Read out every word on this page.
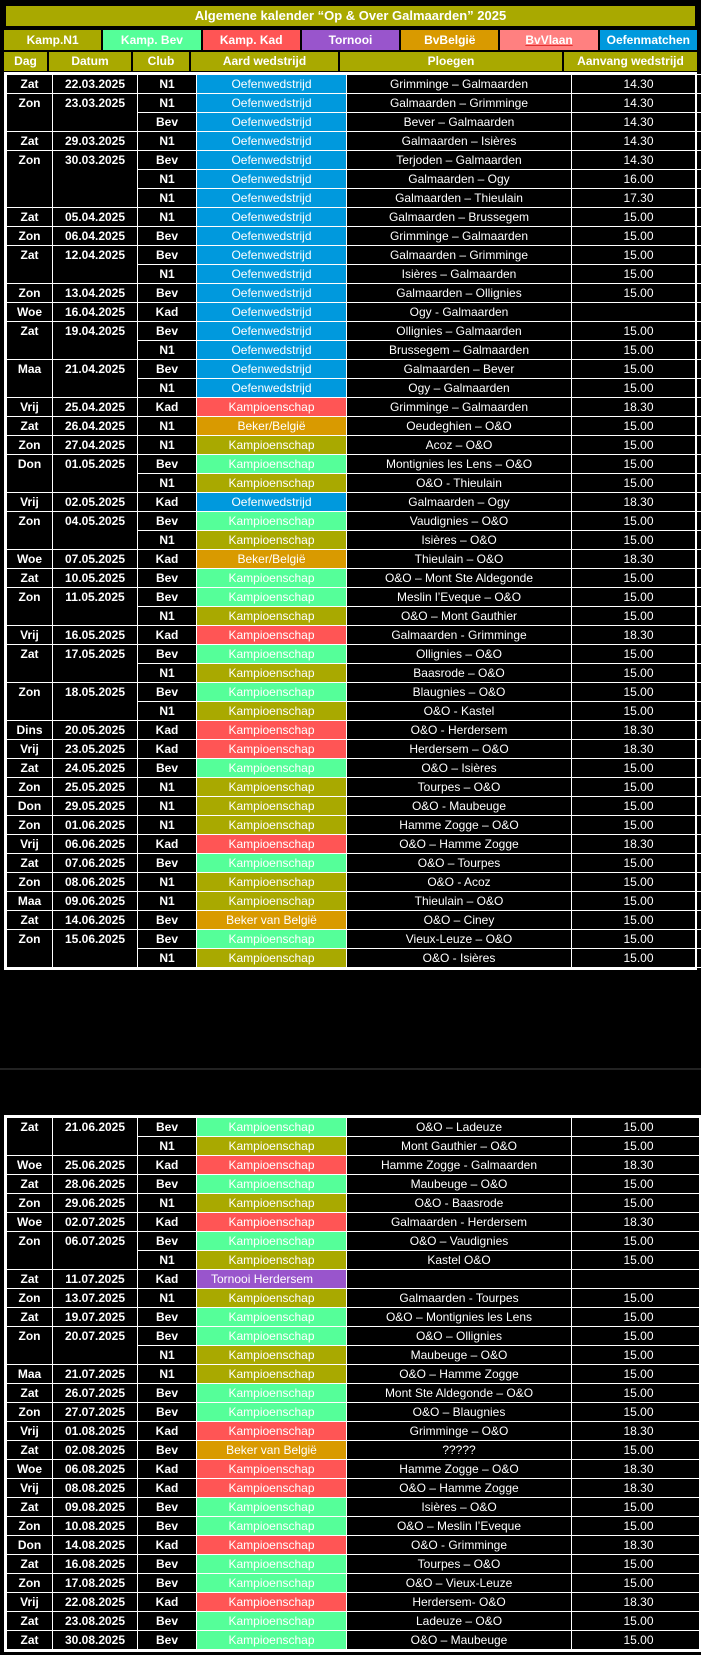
Algemene kalender “Op & Over Galmaarden” 2025
Kamp.N1	Kamp. Bev	Kamp. Kad	Tornooi	BvBelgië	BvVlaan	Oefenmatchen
Dag	Datum	Club	Aard wedstrijd	Ploegen	Aanvang wedstrijd
Zat	22.03.2025	N1	Oefenwedstrijd	Grimminge – Galmaarden	14.30
Zon	23.03.2025	N1	Oefenwedstrijd	Galmaarden – Grimminge	14.30
		Bev	Oefenwedstrijd	Bever – Galmaarden	14.30
Zat	29.03.2025	N1	Oefenwedstrijd	Galmaarden – Isières	14.30
Zon	30.03.2025	Bev	Oefenwedstrijd	Terjoden – Galmaarden	14.30
		N1	Oefenwedstrijd	Galmaarden – Ogy	16.00
		N1	Oefenwedstrijd	Galmaarden – Thieulain	17.30
Zat	05.04.2025	N1	Oefenwedstrijd	Galmaarden – Brussegem	15.00
Zon	06.04.2025	Bev	Oefenwedstrijd	Grimminge – Galmaarden	15.00
Zat	12.04.2025	Bev	Oefenwedstrijd	Galmaarden – Grimminge	15.00
		N1	Oefenwedstrijd	Isières – Galmaarden	15.00
Zon	13.04.2025	Bev	Oefenwedstrijd	Galmaarden – Ollignies	15.00
Woe	16.04.2025	Kad	Oefenwedstrijd	Ogy - Galmaarden	
Zat	19.04.2025	Bev	Oefenwedstrijd	Ollignies – Galmaarden	15.00
		N1	Oefenwedstrijd	Brussegem – Galmaarden	15.00
Maa	21.04.2025	Bev	Oefenwedstrijd	Galmaarden – Bever	15.00
		N1	Oefenwedstrijd	Ogy – Galmaarden	15.00
Vrij	25.04.2025	Kad	Kampioenschap	Grimminge – Galmaarden	18.30
Zat	26.04.2025	N1	Beker/België	Oeudeghien – O&O	15.00
Zon	27.04.2025	N1	Kampioenschap	Acoz – O&O	15.00
Don	01.05.2025	Bev	Kampioenschap	Montignies les Lens – O&O	15.00
		N1	Kampioenschap	O&O - Thieulain	15.00
Vrij	02.05.2025	Kad	Oefenwedstrijd	Galmaarden – Ogy	18.30
Zon	04.05.2025	Bev	Kampioenschap	Vaudignies – O&O	15.00
		N1	Kampioenschap	Isières – O&O	15.00
Woe	07.05.2025	Kad	Beker/België	Thieulain – O&O	18.30
Zat	10.05.2025	Bev	Kampioenschap	O&O – Mont Ste Aldegonde	15.00
Zon	11.05.2025	Bev	Kampioenschap	Meslin l’Eveque – O&O	15.00
		N1	Kampioenschap	O&O – Mont Gauthier	15.00
Vrij	16.05.2025	Kad	Kampioenschap	Galmaarden - Grimminge	18.30
Zat	17.05.2025	Bev	Kampioenschap	Ollignies – O&O	15.00
		N1	Kampioenschap	Baasrode – O&O	15.00
Zon	18.05.2025	Bev	Kampioenschap	Blaugnies – O&O	15.00
		N1	Kampioenschap	O&O - Kastel	15.00
Dins	20.05.2025	Kad	Kampioenschap	O&O - Herdersem	18.30
Vrij	23.05.2025	Kad	Kampioenschap	Herdersem – O&O	18.30
Zat	24.05.2025	Bev	Kampioenschap	O&O – Isières	15.00
Zon	25.05.2025	N1	Kampioenschap	Tourpes – O&O	15.00
Don	29.05.2025	N1	Kampioenschap	O&O - Maubeuge	15.00
Zon	01.06.2025	N1	Kampioenschap	Hamme Zogge – O&O	15.00
Vrij	06.06.2025	Kad	Kampioenschap	O&O – Hamme Zogge	18.30
Zat	07.06.2025	Bev	Kampioenschap	O&O – Tourpes	15.00
Zon	08.06.2025	N1	Kampioenschap	O&O - Acoz	15.00
Maa	09.06.2025	N1	Kampioenschap	Thieulain – O&O	15.00
Zat	14.06.2025	Bev	Beker van België	O&O – Ciney	15.00
Zon	15.06.2025	Bev	Kampioenschap	Vieux-Leuze – O&O	15.00
		N1	Kampioenschap	O&O - Isières	15.00
Zat	21.06.2025	Bev	Kampioenschap	O&O – Ladeuze	15.00
		N1	Kampioenschap	Mont Gauthier – O&O	15.00
Woe	25.06.2025	Kad	Kampioenschap	Hamme Zogge - Galmaarden	18.30
Zat	28.06.2025	Bev	Kampioenschap	Maubeuge – O&O	15.00
Zon	29.06.2025	N1	Kampioenschap	O&O - Baasrode	15.00
Woe	02.07.2025	Kad	Kampioenschap	Galmaarden - Herdersem	18.30
Zon	06.07.2025	Bev	Kampioenschap	O&O – Vaudignies	15.00
		N1	Kampioenschap	Kastel O&O	15.00
Zat	11.07.2025	Kad	Tornooi Herdersem		
Zon	13.07.2025	N1	Kampioenschap	Galmaarden - Tourpes	15.00
Zat	19.07.2025	Bev	Kampioenschap	O&O – Montignies les Lens	15.00
Zon	20.07.2025	Bev	Kampioenschap	O&O – Ollignies	15.00
		N1	Kampioenschap	Maubeuge – O&O	15.00
Maa	21.07.2025	N1	Kampioenschap	O&O – Hamme Zogge	15.00
Zat	26.07.2025	Bev	Kampioenschap	Mont Ste Aldegonde – O&O	15.00
Zon	27.07.2025	Bev	Kampioenschap	O&O – Blaugnies	15.00
Vrij	01.08.2025	Kad	Kampioenschap	Grimminge – O&O	18.30
Zat	02.08.2025	Bev	Beker van België	?????	15.00
Woe	06.08.2025	Kad	Kampioenschap	Hamme Zogge – O&O	18.30
Vrij	08.08.2025	Kad	Kampioenschap	O&O – Hamme Zogge	18.30
Zat	09.08.2025	Bev	Kampioenschap	Isières – O&O	15.00
Zon	10.08.2025	Bev	Kampioenschap	O&O – Meslin l’Eveque	15.00
Don	14.08.2025	Kad	Kampioenschap	O&O - Grimminge	18.30
Zat	16.08.2025	Bev	Kampioenschap	Tourpes – O&O	15.00
Zon	17.08.2025	Bev	Kampioenschap	O&O – Vieux-Leuze	15.00
Vrij	22.08.2025	Kad	Kampioenschap	Herdersem- O&O	18.30
Zat	23.08.2025	Bev	Kampioenschap	Ladeuze – O&O	15.00
Zat	30.08.2025	Bev	Kampioenschap	O&O – Maubeuge	15.00
